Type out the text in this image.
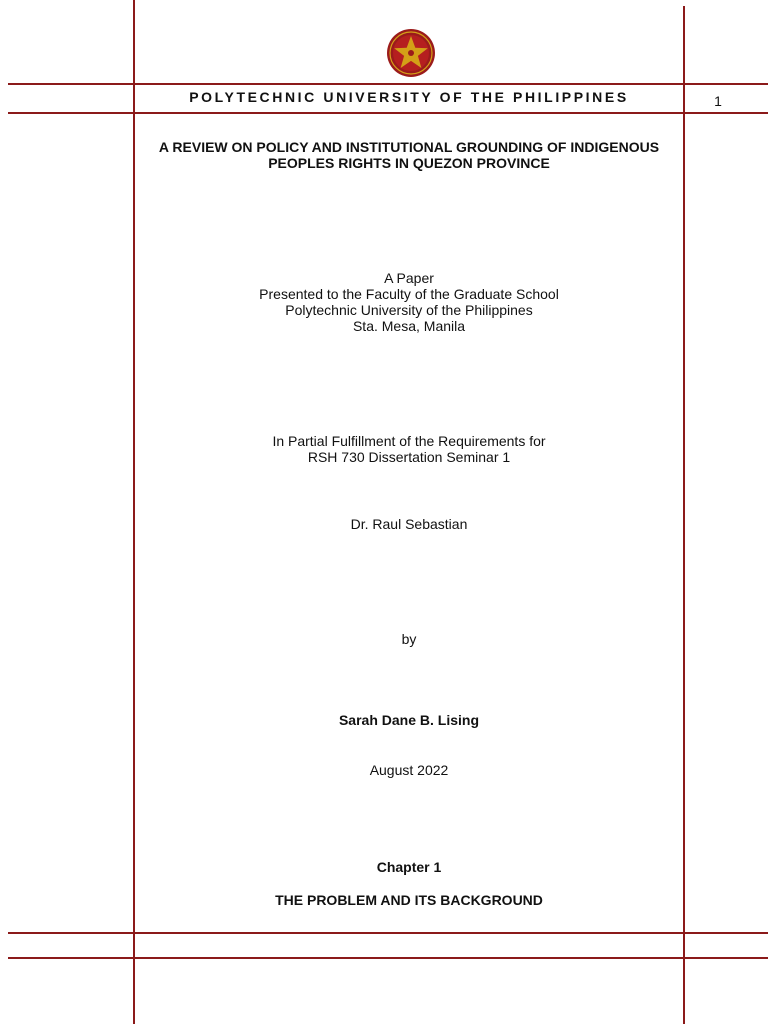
POLYTECHNIC UNIVERSITY OF THE PHILIPPINES	1
A REVIEW ON POLICY AND INSTITUTIONAL GROUNDING OF INDIGENOUS
PEOPLES RIGHTS IN QUEZON PROVINCE
A Paper
Presented to the Faculty of the Graduate School
Polytechnic University of the Philippines
Sta. Mesa, Manila
In Partial Fulfillment of the Requirements for
RSH 730 Dissertation Seminar 1
Dr. Raul Sebastian
by
Sarah Dane B. Lising
August 2022
Chapter 1
THE PROBLEM AND ITS BACKGROUND
